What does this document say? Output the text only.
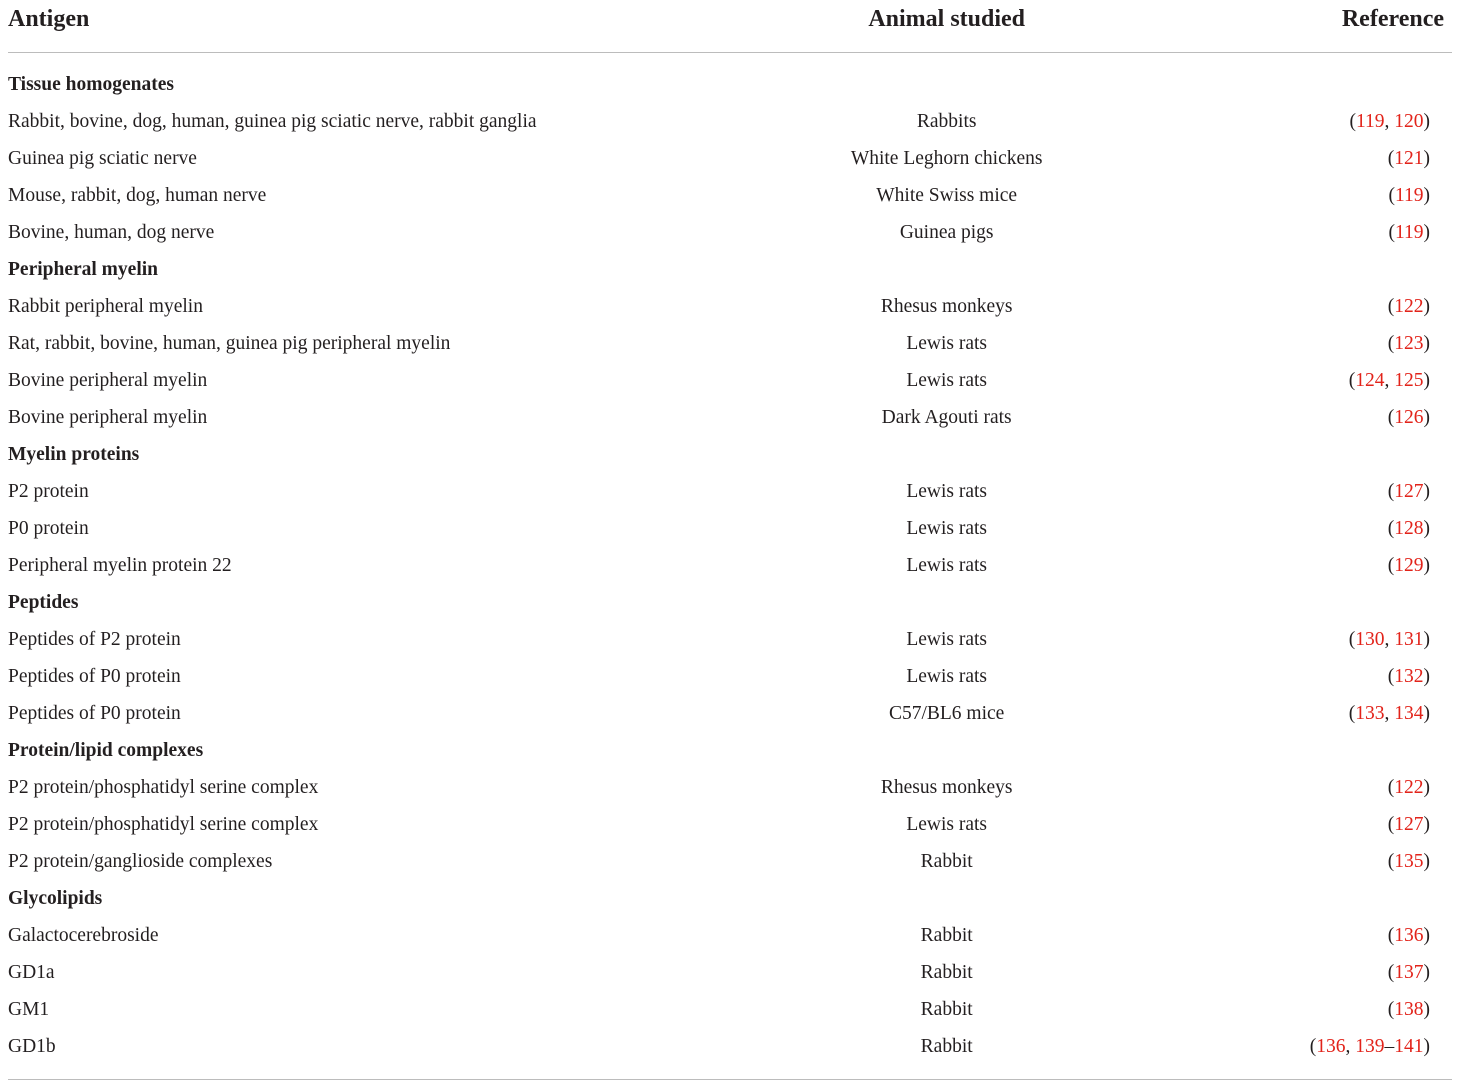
Antigen	Animal studied	Reference

Tissue homogenates		
Rabbit, bovine, dog, human, guinea pig sciatic nerve, rabbit ganglia	Rabbits	(119, 120)
Guinea pig sciatic nerve	White Leghorn chickens	(121)
Mouse, rabbit, dog, human nerve	White Swiss mice	(119)
Bovine, human, dog nerve	Guinea pigs	(119)
Peripheral myelin		
Rabbit peripheral myelin	Rhesus monkeys	(122)
Rat, rabbit, bovine, human, guinea pig peripheral myelin	Lewis rats	(123)
Bovine peripheral myelin	Lewis rats	(124, 125)
Bovine peripheral myelin	Dark Agouti rats	(126)
Myelin proteins		
P2 protein	Lewis rats	(127)
P0 protein	Lewis rats	(128)
Peripheral myelin protein 22	Lewis rats	(129)
Peptides		
Peptides of P2 protein	Lewis rats	(130, 131)
Peptides of P0 protein	Lewis rats	(132)
Peptides of P0 protein	C57/BL6 mice	(133, 134)
Protein/lipid complexes		
P2 protein/phosphatidyl serine complex	Rhesus monkeys	(122)
P2 protein/phosphatidyl serine complex	Lewis rats	(127)
P2 protein/ganglioside complexes	Rabbit	(135)
Glycolipids		
Galactocerebroside	Rabbit	(136)
GD1a	Rabbit	(137)
GM1	Rabbit	(138)
GD1b	Rabbit	(136, 139–141)
